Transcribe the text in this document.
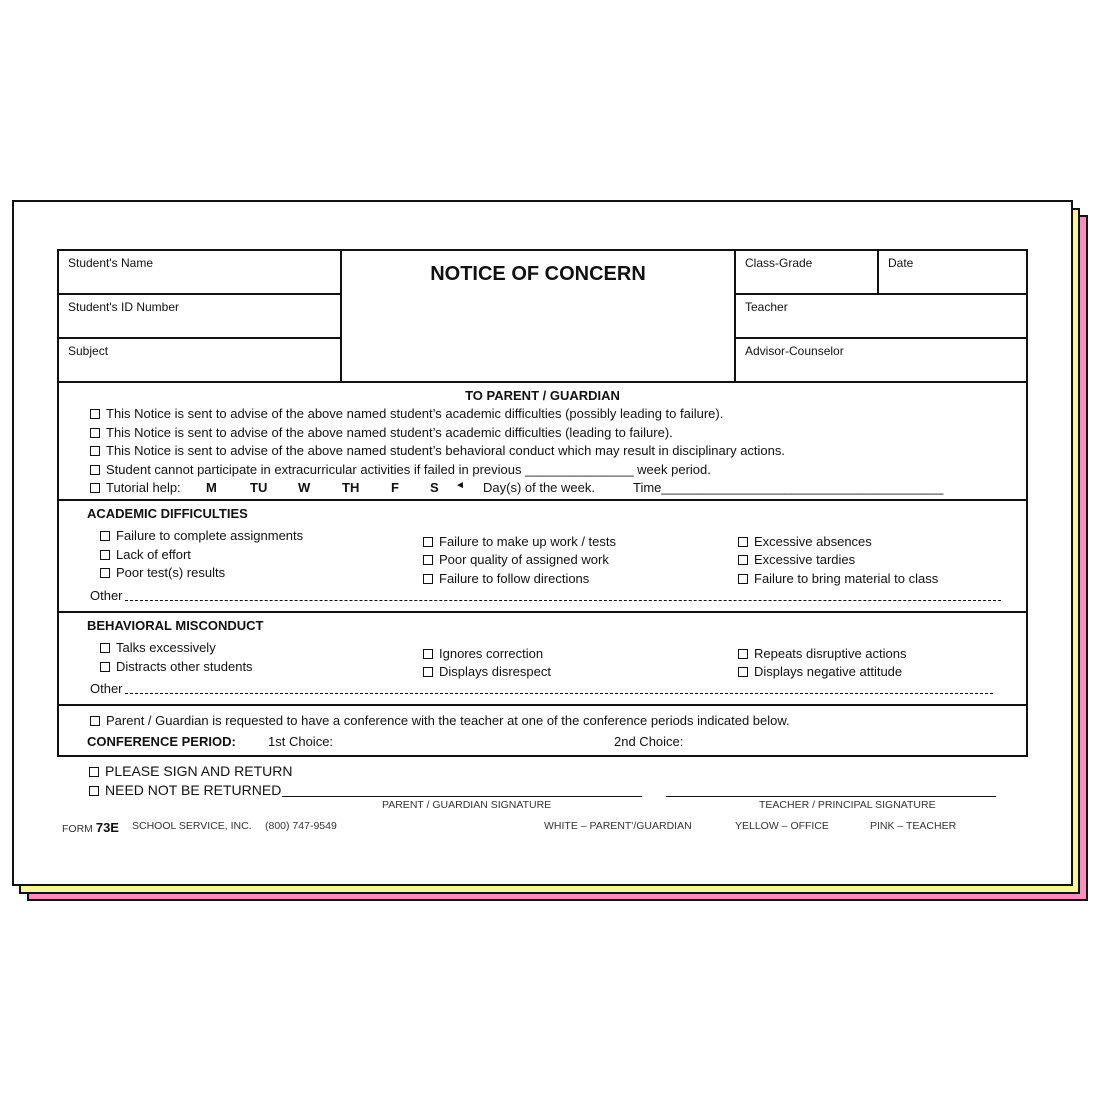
Student's Name
Student's ID Number
Subject
NOTICE OF CONCERN	Class-Grade	Date
Teacher
Advisor-Counselor
TO PARENT / GUARDIAN
This Notice is sent to advise of the above named student’s academic difficulties (possibly leading to failure).
This Notice is sent to advise of the above named student’s academic difficulties (leading to failure).
This Notice is sent to advise of the above named student’s behavioral conduct which may result in disciplinary actions.
Student cannot participate in extracurricular activities if failed in previous _______________ week period.
Tutorial help: M	TU W TH F S ◄ Day(s) of the week.	Time_______________________________________
ACADEMIC DIFFICULTIES
Failure to complete assignments
Lack of effort
Poor test(s) results
Failure to make up work / tests
Poor quality of assigned work
Failure to follow directions
Excessive absences
Excessive tardies
Failure to bring material to class
Other
BEHAVIORAL MISCONDUCT
Talks excessively
Distracts other students
Ignores correction
Displays disrespect
Repeats disruptive actions
Displays negative attitude
Other
Parent / Guardian is requested to have a conference with the teacher at one of the conference periods indicated below.
CONFERENCE PERIOD: 1st Choice:	2nd Choice:
PLEASE SIGN AND RETURN
NEED NOT BE RETURNED
PARENT / GUARDIAN SIGNATURE	TEACHER / PRINCIPAL SIGNATURE
FORM 73E SCHOOL SERVICE, INC. (800) 747-9549	WHITE – PARENT'/GUARDIAN	YELLOW – OFFICE	PINK – TEACHER
